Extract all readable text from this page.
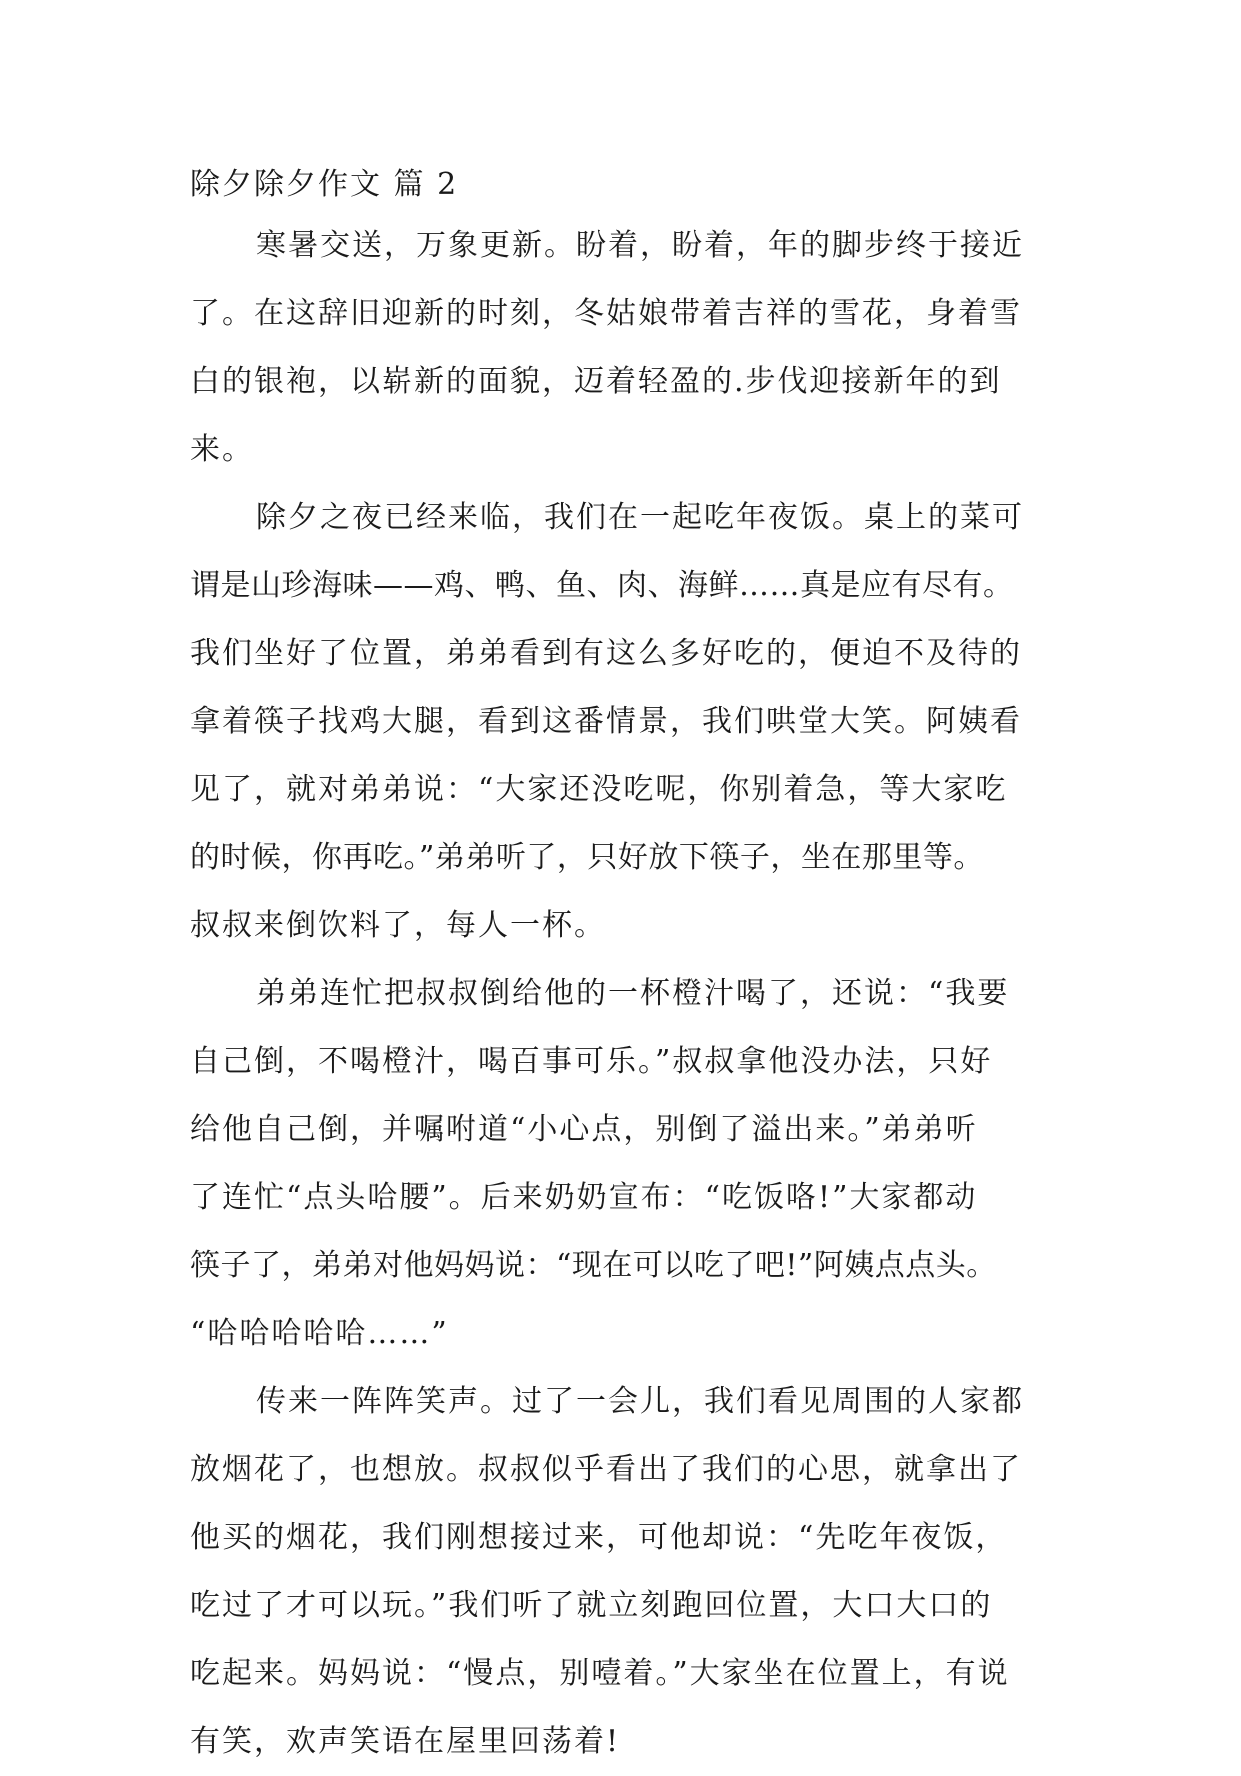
除夕除夕作文 篇 2
寒暑交送，万象更新。盼着，盼着，年的脚步终于接近
了。在这辞旧迎新的时刻，冬姑娘带着吉祥的雪花，身着雪
白的银袍，以崭新的面貌，迈着轻盈的.步伐迎接新年的到
来。
除夕之夜已经来临，我们在一起吃年夜饭。桌上的菜可
谓是山珍海味——鸡、鸭、鱼、肉、海鲜……真是应有尽有。
我们坐好了位置，弟弟看到有这么多好吃的，便迫不及待的
拿着筷子找鸡大腿，看到这番情景，我们哄堂大笑。阿姨看
见了，就对弟弟说：“大家还没吃呢，你别着急，等大家吃
的时候，你再吃。”弟弟听了，只好放下筷子，坐在那里等。
叔叔来倒饮料了，每人一杯。
弟弟连忙把叔叔倒给他的一杯橙汁喝了，还说：“我要
自己倒，不喝橙汁，喝百事可乐。”叔叔拿他没办法，只好
给他自己倒，并嘱咐道“小心点，别倒了溢出来。”弟弟听
了连忙“点头哈腰”。后来奶奶宣布：“吃饭咯!”大家都动
筷子了，弟弟对他妈妈说：“现在可以吃了吧!”阿姨点点头。
“哈哈哈哈哈……”
传来一阵阵笑声。过了一会儿，我们看见周围的人家都
放烟花了，也想放。叔叔似乎看出了我们的心思，就拿出了
他买的烟花，我们刚想接过来，可他却说：“先吃年夜饭，
吃过了才可以玩。”我们听了就立刻跑回位置，大口大口的
吃起来。妈妈说：“慢点，别噎着。”大家坐在位置上，有说
有笑，欢声笑语在屋里回荡着!
